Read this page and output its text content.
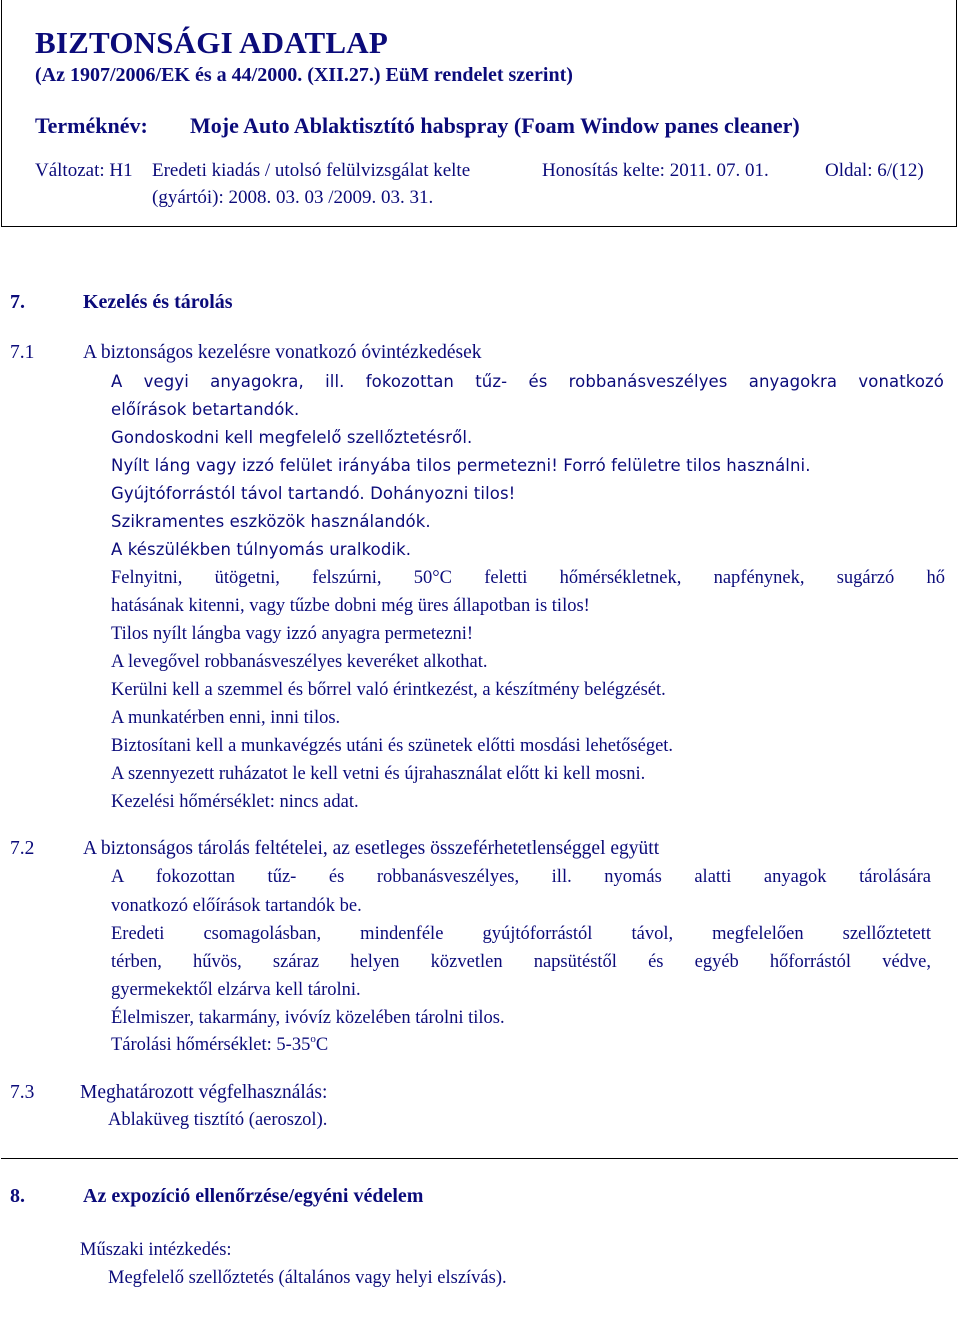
BIZTONSÁGI ADATLAP
(Az 1907/2006/EK és a 44/2000. (XII.27.) EüM rendelet szerint)
Terméknév: Moje Auto Ablaktisztító habspray (Foam Window panes cleaner)
Változat: H1 Eredeti kiadás / utolsó felülvizsgálat kelte	Honosítás kelte: 2011. 07. 01.	Oldal: 6/(12)
(gyártói): 2008. 03. 03 /2009. 03. 31.
7.	Kezelés és tárolás
7.1 A biztonságos kezelésre vonatkozó óvintézkedések
A vegyi anyagokra, ill. fokozottan tűz- és robbanásveszélyes anyagokra vonatkozó
előírások betartandók.
Gondoskodni kell megfelelő szellőztetésről.
Nyílt láng vagy izzó felület irányába tilos permetezni! Forró felületre tilos használni.
Gyújtóforrástól távol tartandó. Dohányozni tilos!
Szikramentes eszközök használandók.
A készülékben túlnyomás uralkodik.
Felnyitni, ütögetni, felszúrni, 50°C feletti hőmérsékletnek, napfénynek, sugárzó hő
hatásának kitenni, vagy tűzbe dobni még üres állapotban is tilos!
Tilos nyílt lángba vagy izzó anyagra permetezni!
A levegővel robbanásveszélyes keveréket alkothat.
Kerülni kell a szemmel és bőrrel való érintkezést, a készítmény belégzését.
A munkatérben enni, inni tilos.
Biztosítani kell a munkavégzés utáni és szünetek előtti mosdási lehetőséget.
A szennyezett ruházatot le kell vetni és újrahasználat előtt ki kell mosni.
Kezelési hőmérséklet: nincs adat.
7.2 A biztonságos tárolás feltételei, az esetleges összeférhetetlenséggel együtt
A fokozottan tűz- és robbanásveszélyes, ill. nyomás alatti anyagok tárolására
vonatkozó előírások tartandók be.
Eredeti csomagolásban, mindenféle gyújtóforrástól távol, megfelelően szellőztetett
térben, hűvös, száraz helyen közvetlen napsütéstől és egyéb hőforrástól védve,
gyermekektől elzárva kell tárolni.
Élelmiszer, takarmány, ivóvíz közelében tárolni tilos.
Tárolási hőmérséklet: 5-35$^o$C
7.3 Meghatározott végfelhasználás:
Ablaküveg tisztító (aeroszol).
8.	Az expozíció ellenőrzése/egyéni védelem
Műszaki intézkedés:
Megfelelő szellőztetés (általános vagy helyi elszívás).
